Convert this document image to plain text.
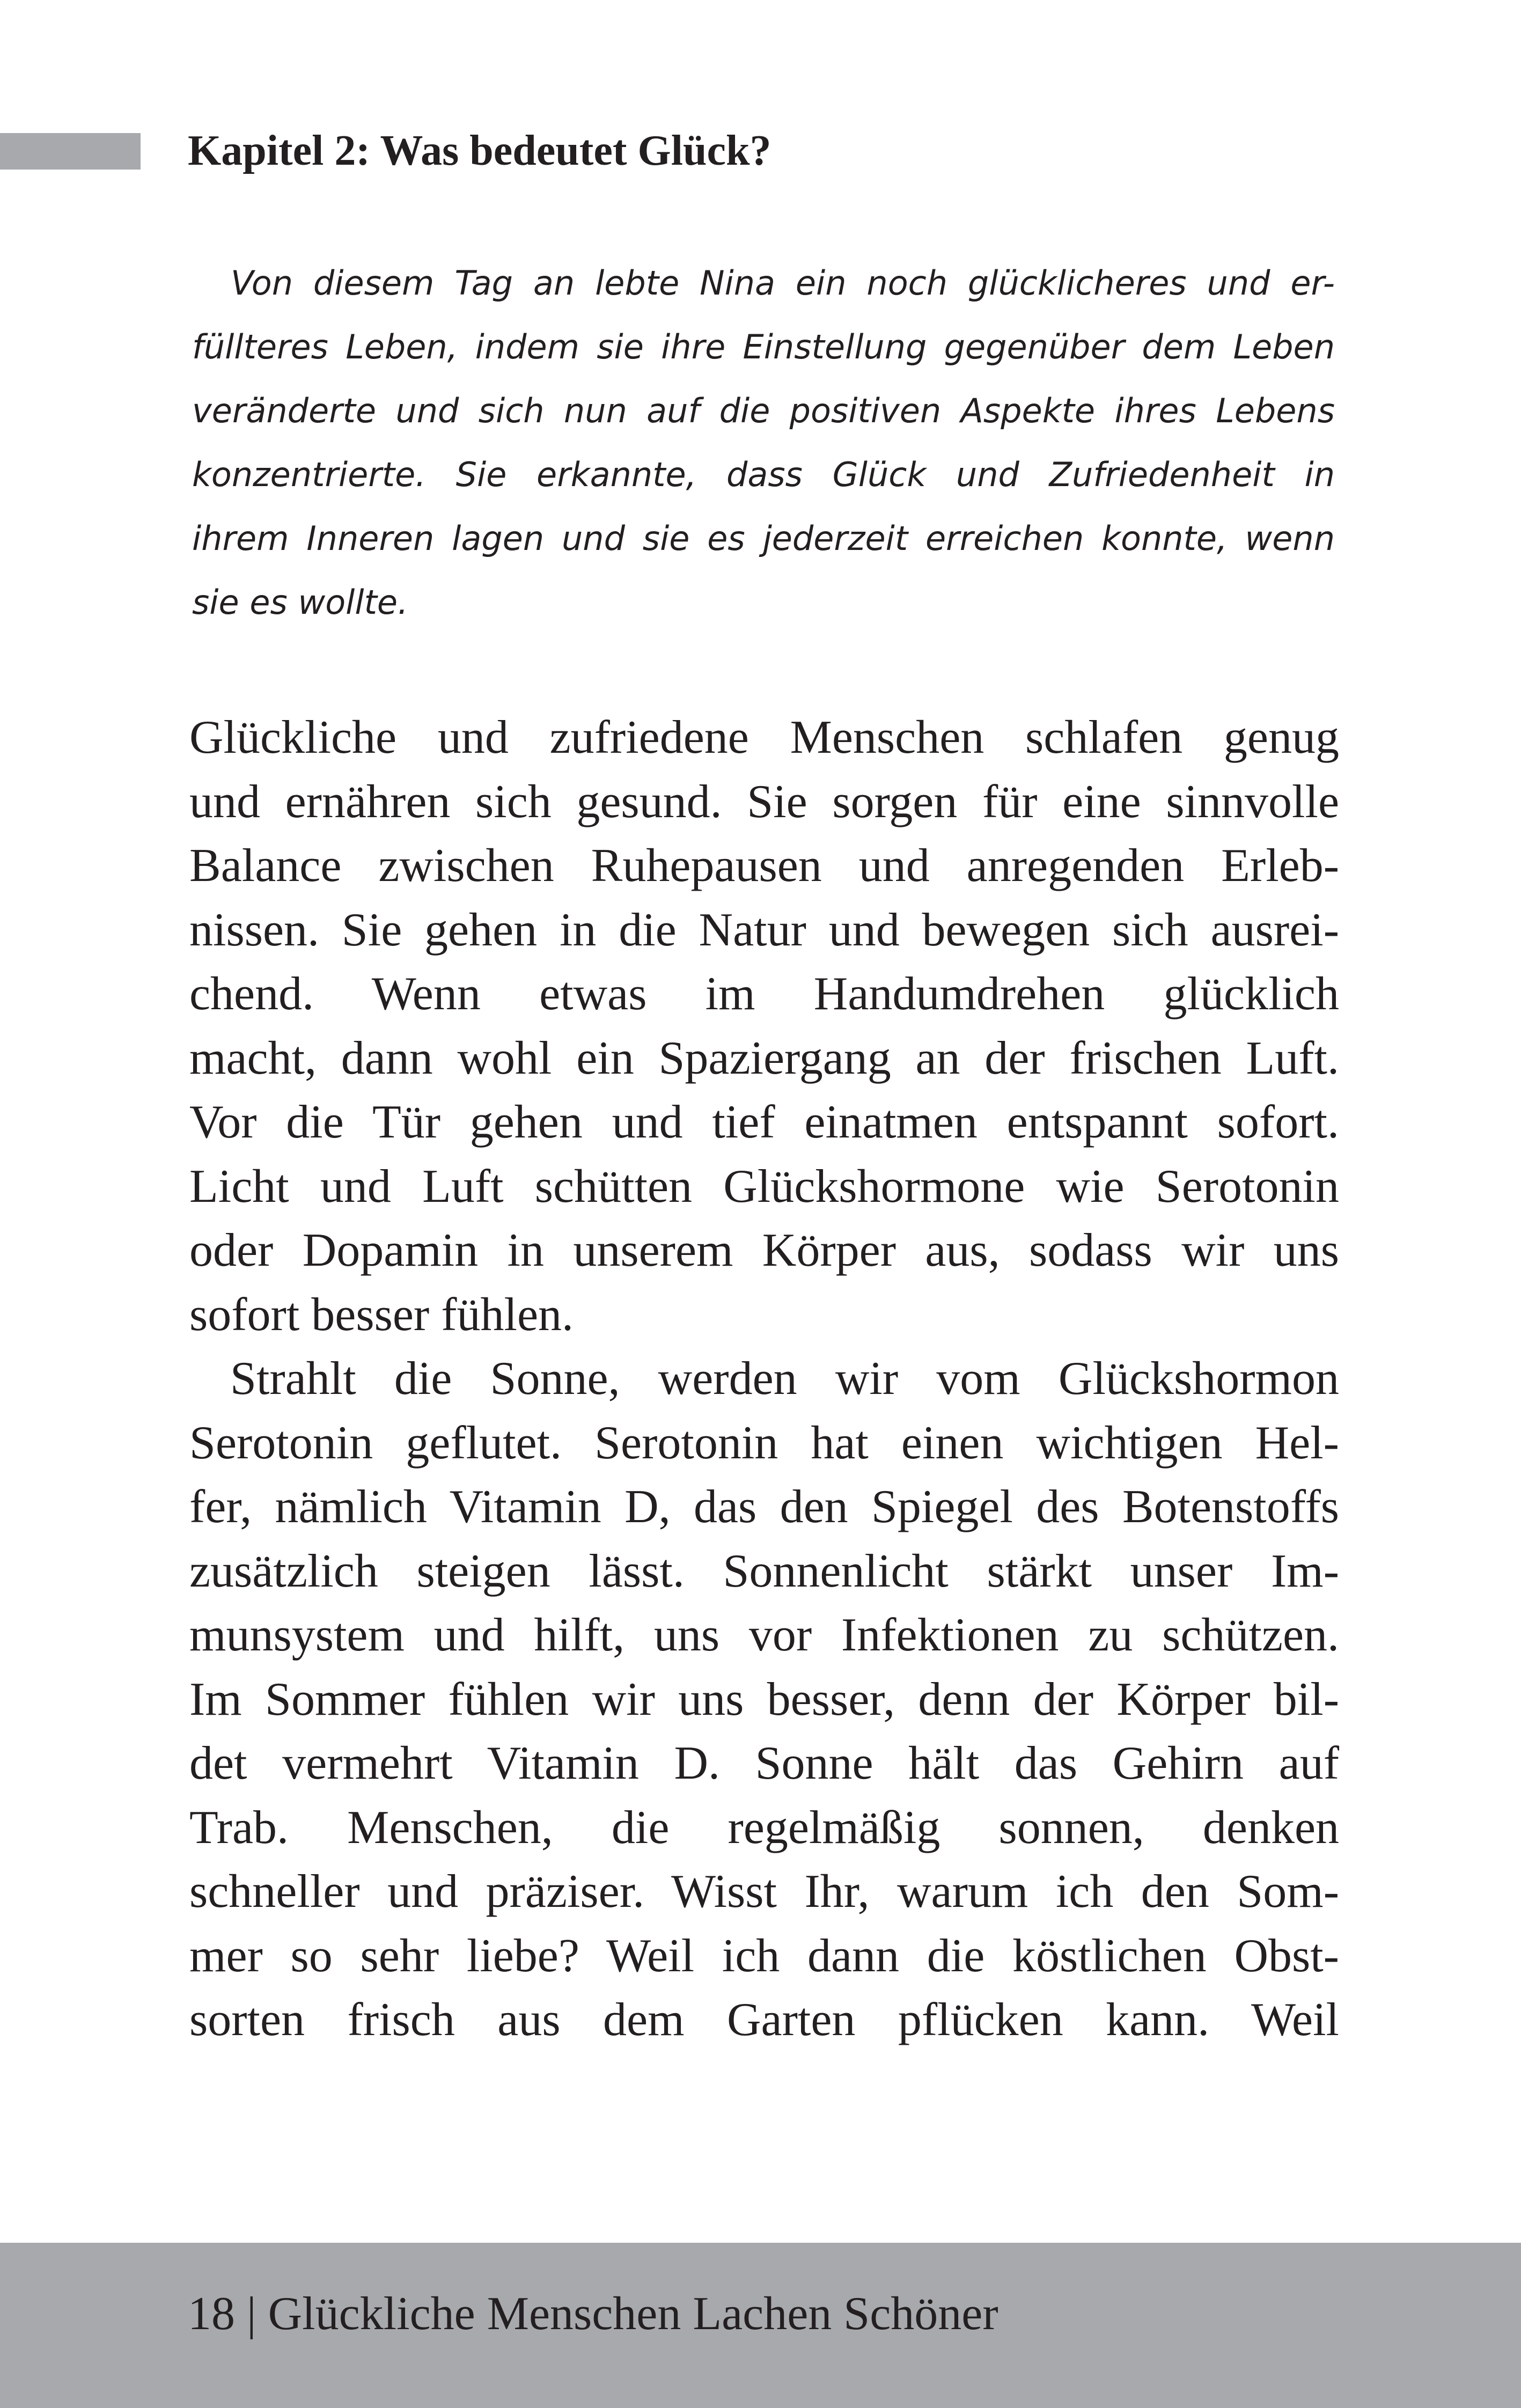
Kapitel 2: Was bedeutet Glück?
Von diesem Tag an lebte Nina ein noch glücklicheres und er-
füllteres Leben, indem sie ihre Einstellung gegenüber dem Leben
veränderte und sich nun auf die positiven Aspekte ihres Lebens
konzentrierte. Sie erkannte, dass Glück und Zufriedenheit in
ihrem Inneren lagen und sie es jederzeit erreichen konnte, wenn
sie es wollte.
Glückliche und zufriedene Menschen schlafen genug
und ernähren sich gesund. Sie sorgen für eine sinnvolle
Balance zwischen Ruhepausen und anregenden Erleb-
nissen. Sie gehen in die Natur und bewegen sich ausrei-
chend. Wenn etwas im Handumdrehen glücklich
macht, dann wohl ein Spaziergang an der frischen Luft.
Vor die Tür gehen und tief einatmen entspannt sofort.
Licht und Luft schütten Glückshormone wie Serotonin
oder Dopamin in unserem Körper aus, sodass wir uns
sofort besser fühlen.
Strahlt die Sonne, werden wir vom Glückshormon
Serotonin geflutet. Serotonin hat einen wichtigen Hel-
fer, nämlich Vitamin D, das den Spiegel des Botenstoffs
zusätzlich steigen lässt. Sonnenlicht stärkt unser Im-
munsystem und hilft, uns vor Infektionen zu schützen.
Im Sommer fühlen wir uns besser, denn der Körper bil-
det vermehrt Vitamin D. Sonne hält das Gehirn auf
Trab. Menschen, die regelmäßig sonnen, denken
schneller und präziser. Wisst Ihr, warum ich den Som-
mer so sehr liebe? Weil ich dann die köstlichen Obst-
sorten frisch aus dem Garten pflücken kann. Weil
18 | Glückliche Menschen Lachen Schöner
